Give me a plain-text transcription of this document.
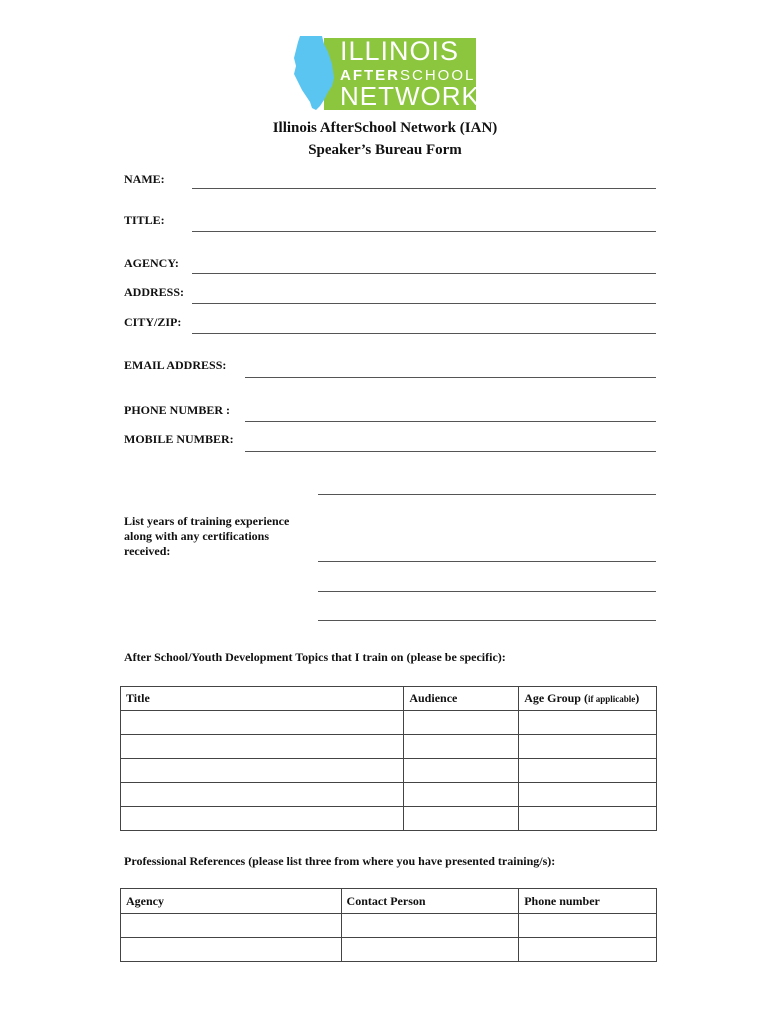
ILLINOIS
AFTERSCHOOL
NETWORK
Illinois AfterSchool Network (IAN)
Speaker’s Bureau Form
NAME:
TITLE:
AGENCY:
ADDRESS:
CITY/ZIP:
EMAIL ADDRESS:
PHONE NUMBER :
MOBILE NUMBER:
List years of training experience
along with any certifications
received:
After School/Youth Development Topics that I train on (please be specific):
Title	Audience	Age Group (if applicable)

Professional References (please list three from where you have presented training/s):
Agency	Contact Person	Phone number
